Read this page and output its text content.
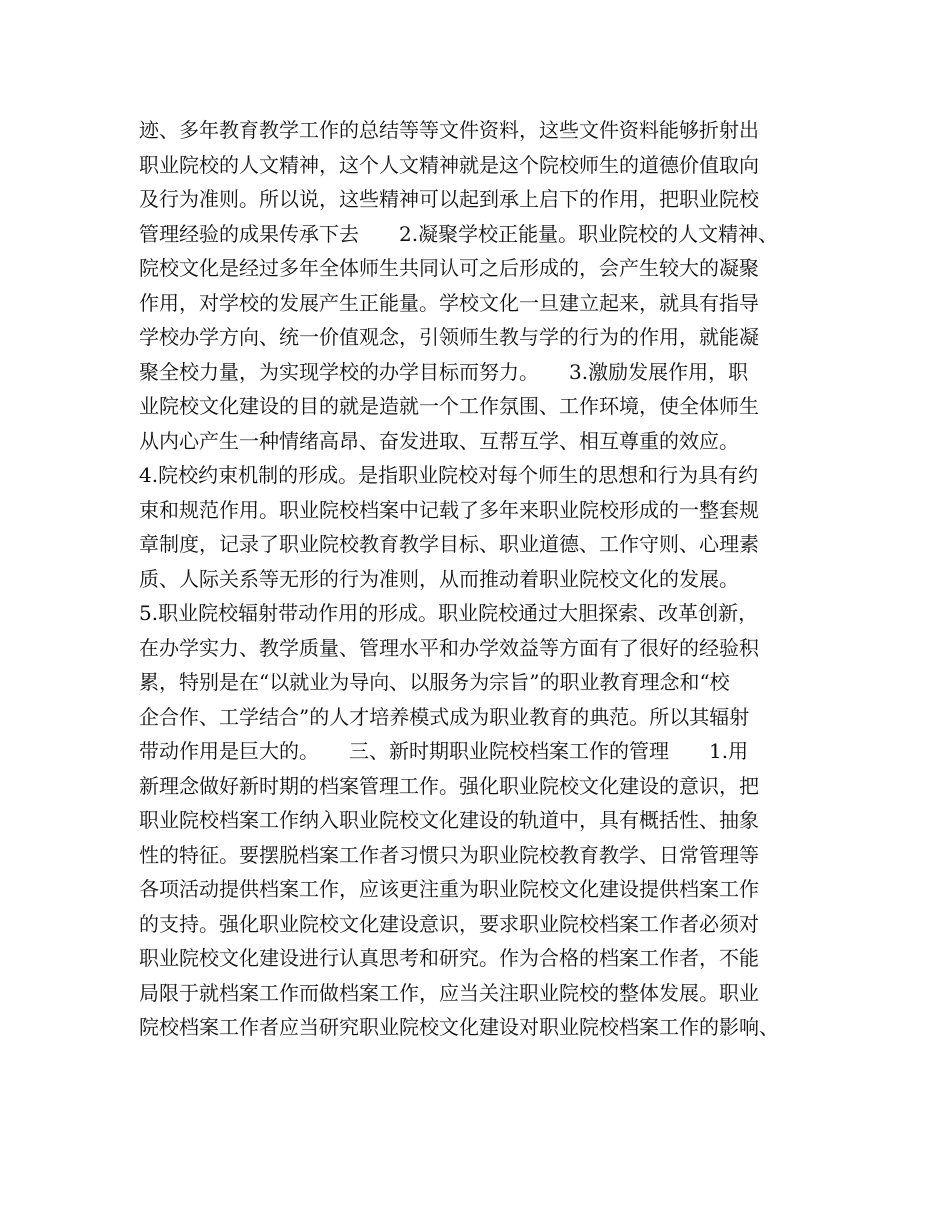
迹、多年教育教学工作的总结等等文件资料，这些文件资料能够折射出
职业院校的人文精神，这个人文精神就是这个院校师生的道德价值取向
及行为准则。所以说，这些精神可以起到承上启下的作用，把职业院校
管理经验的成果传承下去　　2.凝聚学校正能量。职业院校的人文精神、
院校文化是经过多年全体师生共同认可之后形成的，会产生较大的凝聚
作用，对学校的发展产生正能量。学校文化一旦建立起来，就具有指导
学校办学方向、统一价值观念，引领师生教与学的行为的作用，就能凝
聚全校力量，为实现学校的办学目标而努力。　　3.激励发展作用，职
业院校文化建设的目的就是造就一个工作氛围、工作环境，使全体师生
从内心产生一种情绪高昂、奋发进取、互帮互学、相互尊重的效应。
4.院校约束机制的形成。是指职业院校对每个师生的思想和行为具有约
束和规范作用。职业院校档案中记载了多年来职业院校形成的一整套规
章制度，记录了职业院校教育教学目标、职业道德、工作守则、心理素
质、人际关系等无形的行为准则，从而推动着职业院校文化的发展。
5.职业院校辐射带动作用的形成。职业院校通过大胆探索、改革创新，
在办学实力、教学质量、管理水平和办学效益等方面有了很好的经验积
累，特别是在“以就业为导向、以服务为宗旨”的职业教育理念和“校
企合作、工学结合”的人才培养模式成为职业教育的典范。所以其辐射
带动作用是巨大的。　　三、新时期职业院校档案工作的管理　　1.用
新理念做好新时期的档案管理工作。强化职业院校文化建设的意识，把
职业院校档案工作纳入职业院校文化建设的轨道中，具有概括性、抽象
性的特征。要摆脱档案工作者习惯只为职业院校教育教学、日常管理等
各项活动提供档案工作，应该更注重为职业院校文化建设提供档案工作
的支持。强化职业院校文化建设意识，要求职业院校档案工作者必须对
职业院校文化建设进行认真思考和研究。作为合格的档案工作者，不能
局限于就档案工作而做档案工作，应当关注职业院校的整体发展。职业
院校档案工作者应当研究职业院校文化建设对职业院校档案工作的影响、
